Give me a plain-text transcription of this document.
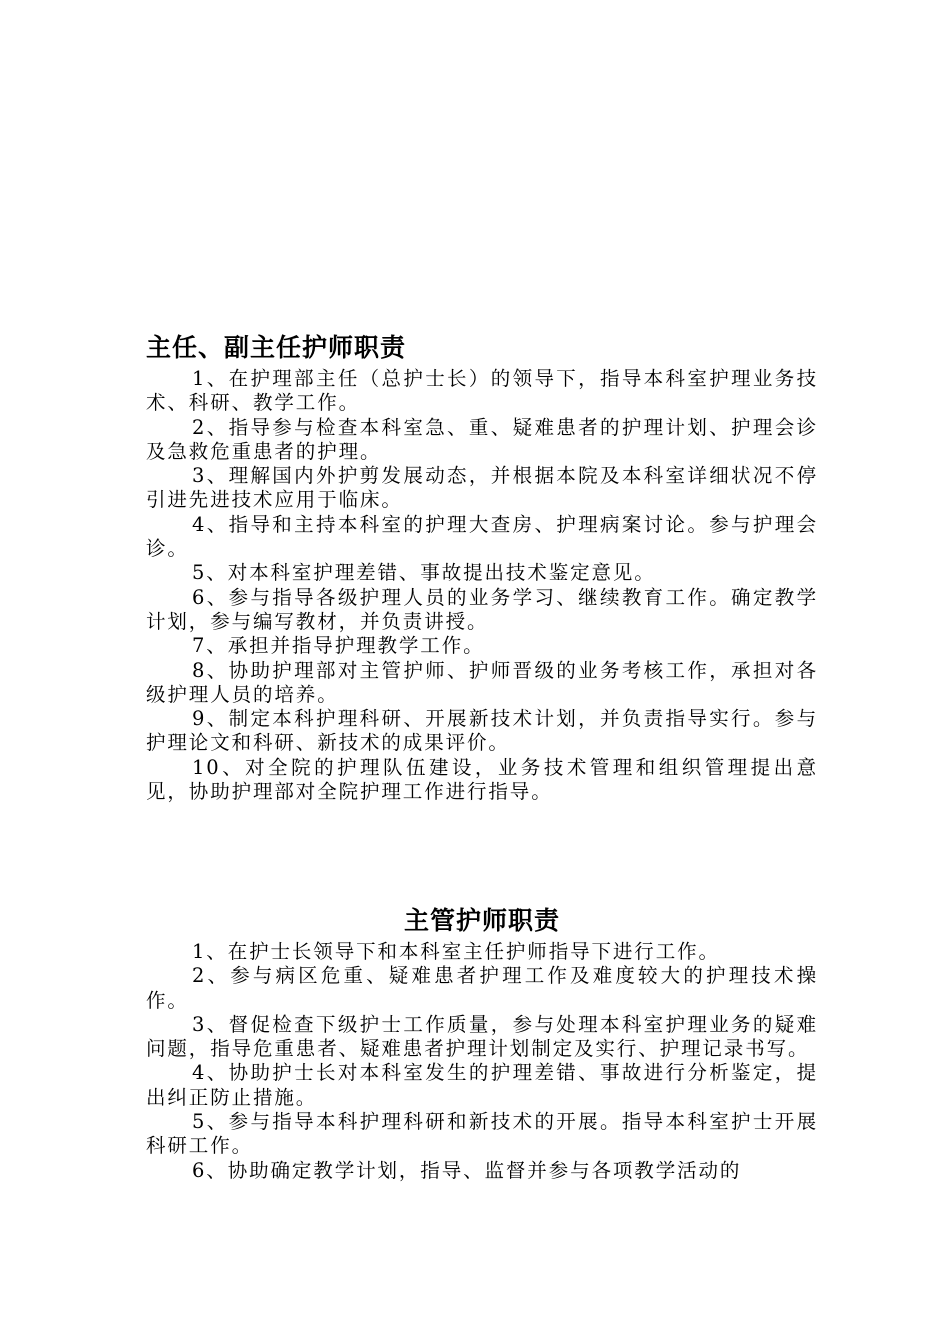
主任、副主任护师职责

1、在护理部主任（总护士长）的领导下，指导本科室护理业务技术、科研、教学工作。

2、指导参与检查本科室急、重、疑难患者的护理计划、护理会诊及急救危重患者的护理。

3、理解国内外护剪发展动态，并根据本院及本科室详细状况不停引进先进技术应用于临床。

4、指导和主持本科室的护理大查房、护理病案讨论。参与护理会诊。

5、对本科室护理差错、事故提出技术鉴定意见。

6、参与指导各级护理人员的业务学习、继续教育工作。确定教学计划，参与编写教材，并负责讲授。

7、承担并指导护理教学工作。

8、协助护理部对主管护师、护师晋级的业务考核工作，承担对各级护理人员的培养。

9、制定本科护理科研、开展新技术计划，并负责指导实行。参与护理论文和科研、新技术的成果评价。

10、对全院的护理队伍建设，业务技术管理和组织管理提出意见，协助护理部对全院护理工作进行指导。

主管护师职责

1、在护士长领导下和本科室主任护师指导下进行工作。

2、参与病区危重、疑难患者护理工作及难度较大的护理技术操作。

3、督促检查下级护士工作质量，参与处理本科室护理业务的疑难问题，指导危重患者、疑难患者护理计划制定及实行、护理记录书写。

4、协助护士长对本科室发生的护理差错、事故进行分析鉴定，提出纠正防止措施。

5、参与指导本科护理科研和新技术的开展。指导本科室护士开展科研工作。

6、协助确定教学计划，指导、监督并参与各项教学活动的
